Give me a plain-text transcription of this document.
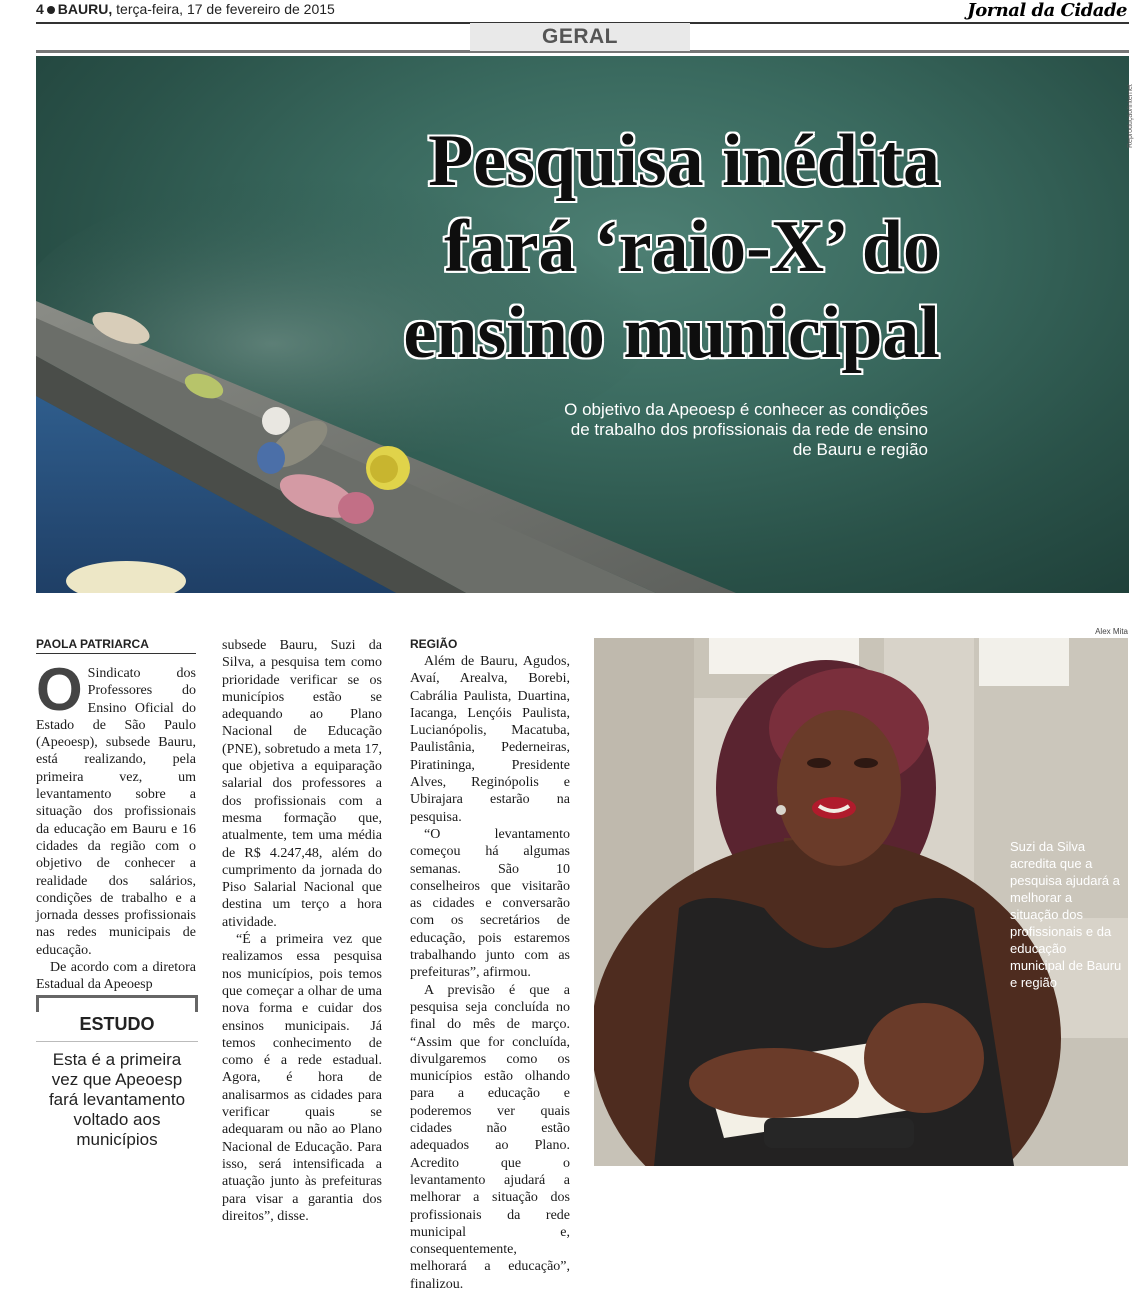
4 BAURU, terça-feira, 17 de fevereiro de 2015	Jornal da Cidade
GERAL
Reprodução/Internet
Pesquisa inédita
fará ‘raio-X’ do
ensino municipal
O objetivo da Apeoesp é conhecer as condições de trabalho dos profissionais da rede de ensino de Bauru e região
PAOLA PATRIARCA
O Sindicato dos Professores do Ensino Oficial do Estado de São Paulo (Apeoesp), subsede Bauru, está realizando, pela primeira vez, um levantamento sobre a situação dos profissionais da educação em Bauru e 16 cidades da região com o objetivo de conhecer a realidade dos salários, condições de trabalho e a jornada desses profissionais nas redes municipais de educação.

De acordo com a diretora Estadual da Apeoesp

ESTUDO
Esta é a primeira vez que Apeoesp fará levantamento voltado aos municípios

subsede Bauru, Suzi da Silva, a pesquisa tem como prioridade verificar se os municípios estão se adequando ao Plano Nacional de Educação (PNE), sobretudo a meta 17, que objetiva a equiparação salarial dos professores a dos profissionais com a mesma formação que, atualmente, tem uma média de R$ 4.247,48, além do cumprimento da jornada do Piso Salarial Nacional que destina um terço a hora atividade.

“É a primeira vez que realizamos essa pesquisa nos municípios, pois temos que começar a olhar de uma nova forma e cuidar dos ensinos municipais. Já temos conhecimento de como é a rede estadual. Agora, é hora de analisarmos as cidades para verificar quais se adequaram ou não ao Plano Nacional de Educação. Para isso, será intensificada a atuação junto às prefeituras para visar a garantia dos direitos”, disse.

REGIÃO

Além de Bauru, Agudos, Avaí, Arealva, Borebi, Cabrália Paulista, Duartina, Iacanga, Lençóis Paulista, Lucianópolis, Macatuba, Paulistânia, Pederneiras, Piratininga, Presidente Alves, Reginópolis e Ubirajara estarão na pesquisa.

“O levantamento começou há algumas semanas. São 10 conselheiros que visitarão as cidades e conversarão com os secretários de educação, pois estaremos trabalhando junto com as prefeituras”, afirmou.

A previsão é que a pesquisa seja concluída no final do mês de março. “Assim que for concluída, divulgaremos como os municípios estão olhando para a educação e poderemos ver quais cidades não estão adequados ao Plano. Acredito que o levantamento ajudará a melhorar a situação dos profissionais da rede municipal e, consequentemente, melhorará a educação”, finalizou.

Alex Mita
Suzi da Silva acredita que a pesquisa ajudará a melhorar a situação dos profissionais e da educação municipal de Bauru e região
